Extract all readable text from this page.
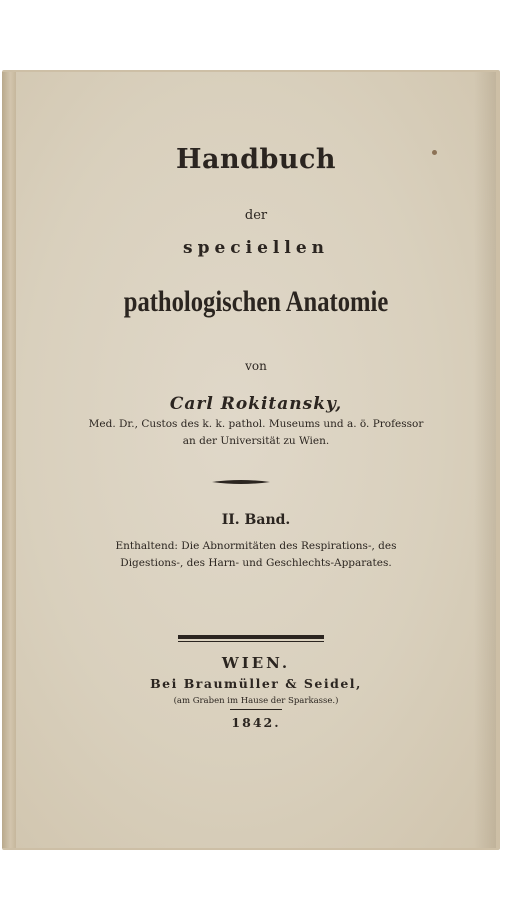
Handbuch
der
speciellen
pathologischen Anatomie
von
Carl Rokitansky,
Med. Dr., Custos des k. k. pathol. Museums und a. ö. Professor
an der Universität zu Wien.
II. Band.
Enthaltend: Die Abnormitäten des Respirations-, des
Digestions-, des Harn- und Geschlechts-Apparates.
WIEN.
Bei Braumüller & Seidel,
(am Graben im Hause der Sparkasse.)
1842.
